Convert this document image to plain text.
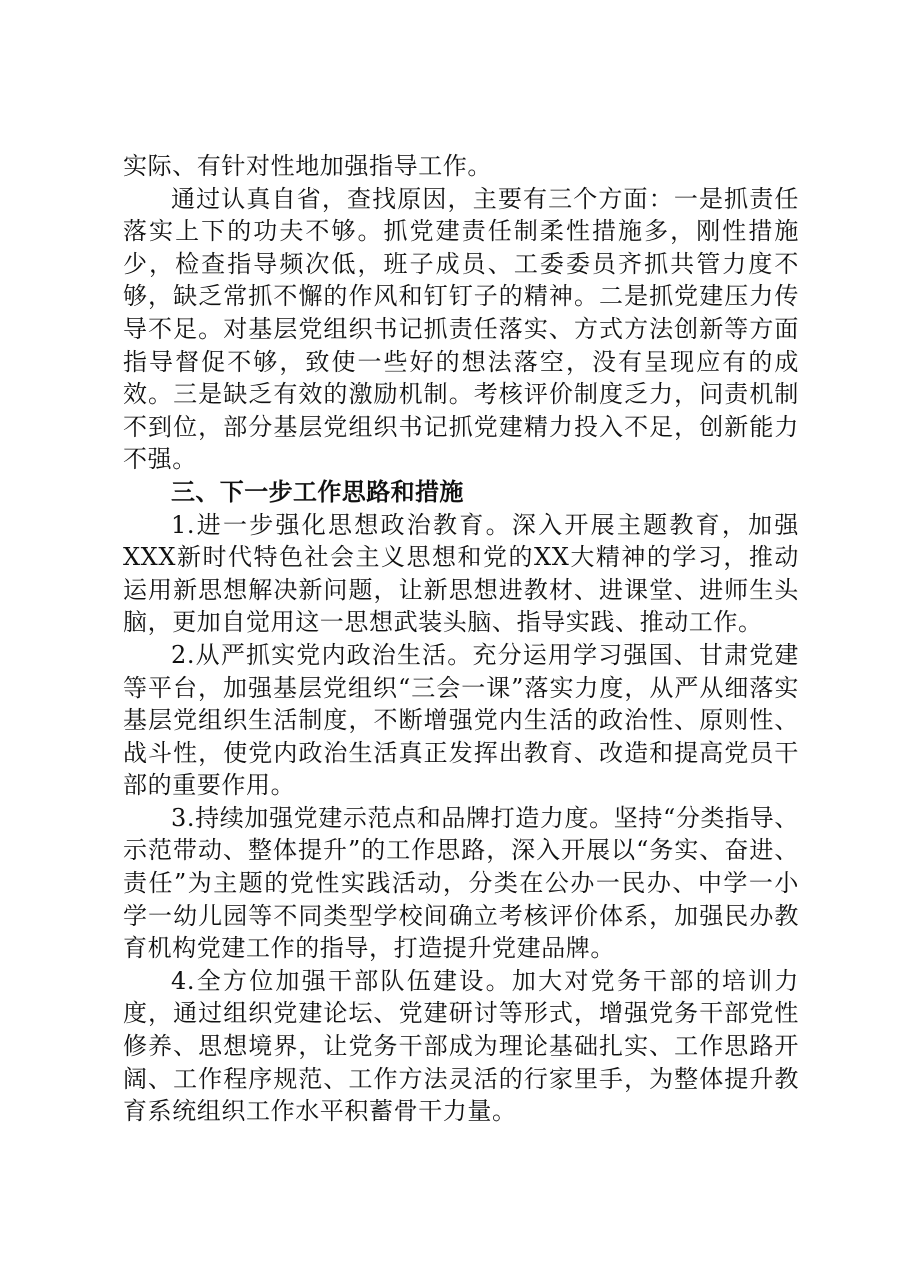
实际、有针对性地加强指导工作。

通过认真自省，查找原因，主要有三个方面：一是抓责任落实上下的功夫不够。抓党建责任制柔性措施多，刚性措施少，检查指导频次低，班子成员、工委委员齐抓共管力度不够，缺乏常抓不懈的作风和钉钉子的精神。二是抓党建压力传导不足。对基层党组织书记抓责任落实、方式方法创新等方面指导督促不够，致使一些好的想法落空，没有呈现应有的成效。三是缺乏有效的激励机制。考核评价制度乏力，问责机制不到位，部分基层党组织书记抓党建精力投入不足，创新能力不强。

三、下一步工作思路和措施

1.进一步强化思想政治教育。深入开展主题教育，加强XXX新时代特色社会主义思想和党的XX大精神的学习，推动运用新思想解决新问题，让新思想进教材、进课堂、进师生头脑，更加自觉用这一思想武装头脑、指导实践、推动工作。

2.从严抓实党内政治生活。充分运用学习强国、甘肃党建等平台，加强基层党组织“三会一课”落实力度，从严从细落实基层党组织生活制度，不断增强党内生活的政治性、原则性、战斗性，使党内政治生活真正发挥出教育、改造和提高党员干部的重要作用。

3.持续加强党建示范点和品牌打造力度。坚持“分类指导、示范带动、整体提升”的工作思路，深入开展以“务实、奋进、责任”为主题的党性实践活动，分类在公办一民办、中学一小学一幼儿园等不同类型学校间确立考核评价体系，加强民办教育机构党建工作的指导，打造提升党建品牌。

4.全方位加强干部队伍建设。加大对党务干部的培训力度，通过组织党建论坛、党建研讨等形式，增强党务干部党性修养、思想境界，让党务干部成为理论基础扎实、工作思路开阔、工作程序规范、工作方法灵活的行家里手，为整体提升教育系统组织工作水平积蓄骨干力量。
